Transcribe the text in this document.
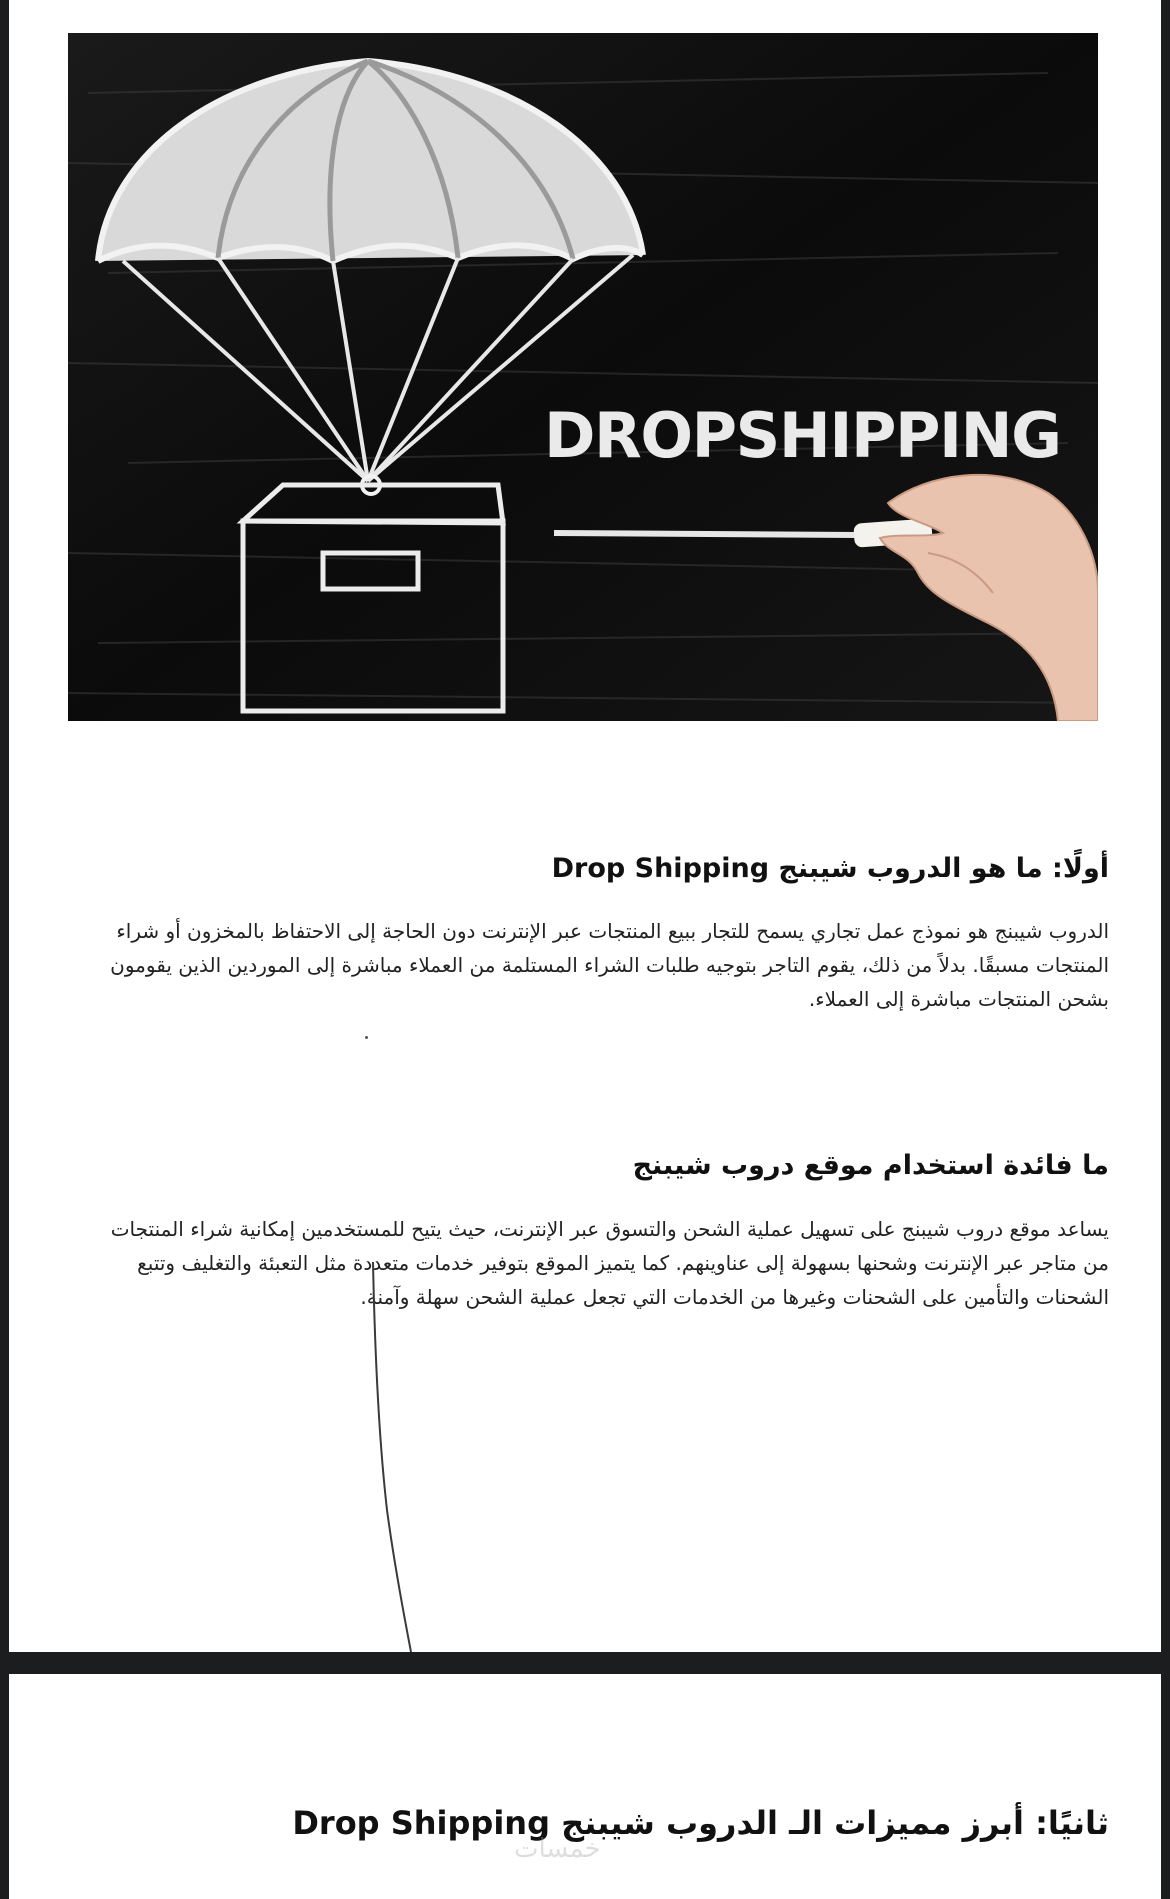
DROPSHIPPING
أولًا: ما هو الدروب شيبنج Drop Shipping

الدروب شيبنج هو نموذج عمل تجاري يسمح للتجار ببيع المنتجات عبر الإنترنت دون الحاجة إلى الاحتفاظ بالمخزون أو شراء المنتجات مسبقًا. بدلاً من ذلك، يقوم التاجر بتوجيه طلبات الشراء المستلمة من العملاء مباشرة إلى الموردين الذين يقومون بشحن المنتجات مباشرة إلى العملاء.

ما فائدة استخدام موقع دروب شيبنج

يساعد موقع دروب شيبنج على تسهيل عملية الشحن والتسوق عبر الإنترنت، حيث يتيح للمستخدمين إمكانية شراء المنتجات من متاجر عبر الإنترنت وشحنها بسهولة إلى عناوينهم. كما يتميز الموقع بتوفير خدمات متعددة مثل التعبئة والتغليف وتتبع الشحنات والتأمين على الشحنات وغيرها من الخدمات التي تجعل عملية الشحن سهلة وآمنة.

ثانيًا: أبرز مميزات الـ الدروب شيبنج Drop Shipping
خمسات
